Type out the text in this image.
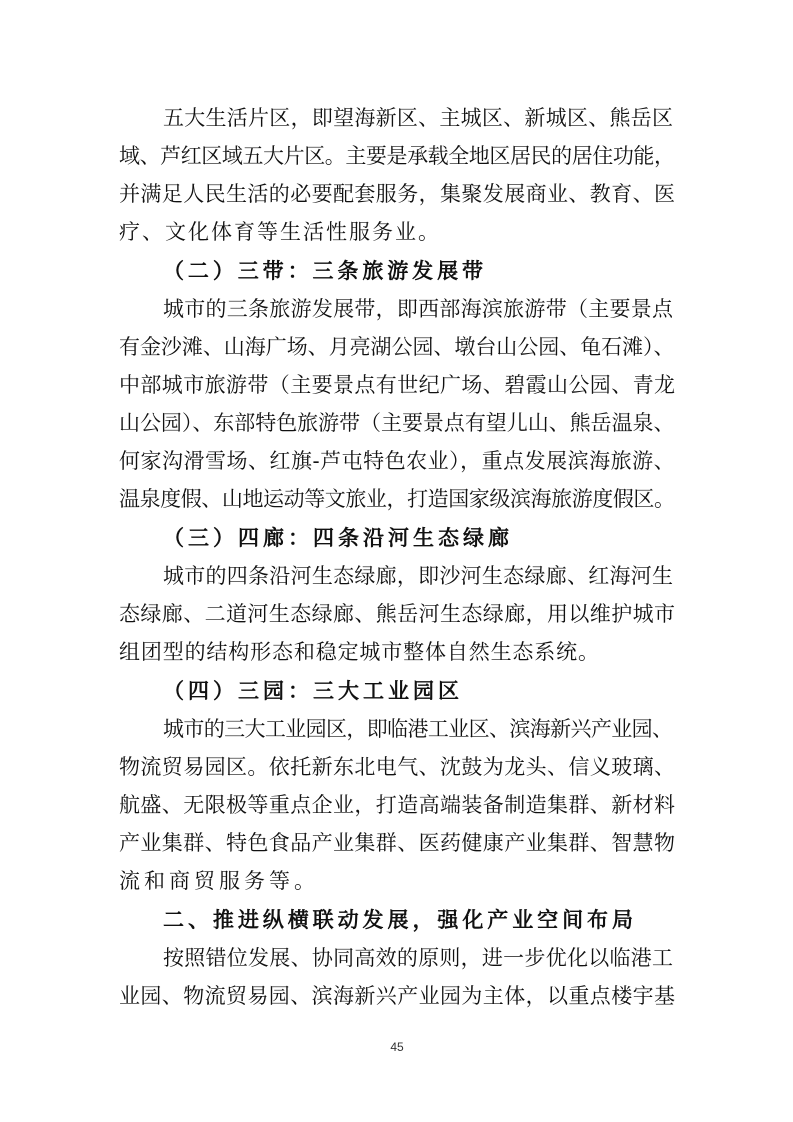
五大生活片区，即望海新区、主城区、新城区、熊岳区
域、芦红区域五大片区。主要是承载全地区居民的居住功能，
并满足人民生活的必要配套服务，集聚发展商业、教育、医
疗、文化体育等生活性服务业。
（二）三带：三条旅游发展带
城市的三条旅游发展带，即西部海滨旅游带（主要景点
有金沙滩、山海广场、月亮湖公园、墩台山公园、龟石滩）、
中部城市旅游带（主要景点有世纪广场、碧霞山公园、青龙
山公园）、东部特色旅游带（主要景点有望儿山、熊岳温泉、
何家沟滑雪场、红旗-芦屯特色农业），重点发展滨海旅游、
温泉度假、山地运动等文旅业，打造国家级滨海旅游度假区。
（三）四廊：四条沿河生态绿廊
城市的四条沿河生态绿廊，即沙河生态绿廊、红海河生
态绿廊、二道河生态绿廊、熊岳河生态绿廊，用以维护城市
组团型的结构形态和稳定城市整体自然生态系统。
（四）三园：三大工业园区
城市的三大工业园区，即临港工业区、滨海新兴产业园、
物流贸易园区。依托新东北电气、沈鼓为龙头、信义玻璃、
航盛、无限极等重点企业，打造高端装备制造集群、新材料
产业集群、特色食品产业集群、医药健康产业集群、智慧物
流和商贸服务等。
二、推进纵横联动发展，强化产业空间布局
按照错位发展、协同高效的原则，进一步优化以临港工
业园、物流贸易园、滨海新兴产业园为主体，以重点楼宇基
45
